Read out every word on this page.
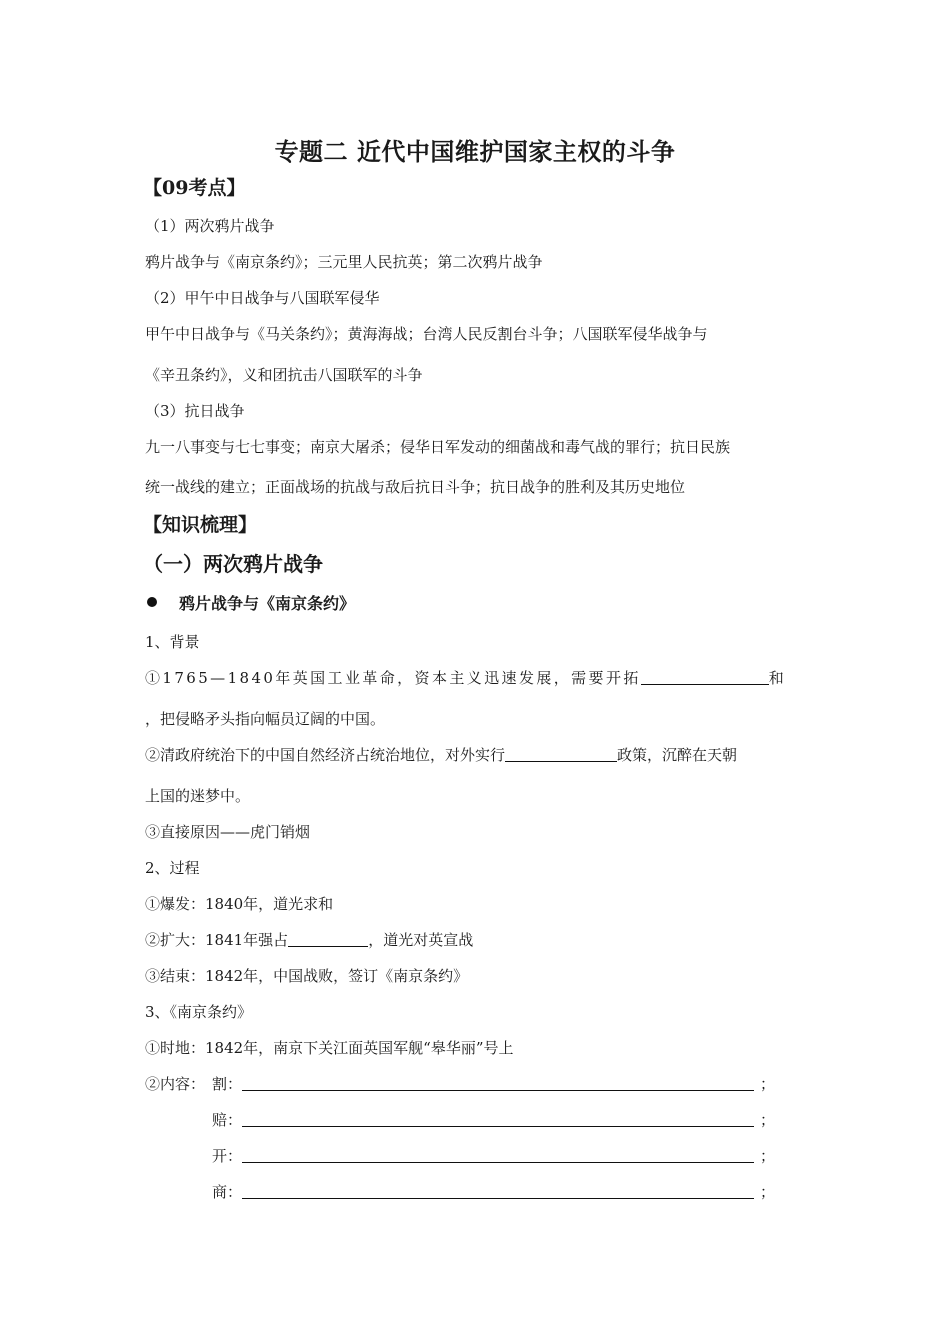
专题二 近代中国维护国家主权的斗争
【09考点】
（1）两次鸦片战争
鸦片战争与《南京条约》；三元里人民抗英；第二次鸦片战争
（2）甲午中日战争与八国联军侵华
甲午中日战争与《马关条约》；黄海海战；台湾人民反割台斗争；八国联军侵华战争与
《辛丑条约》，义和团抗击八国联军的斗争
（3）抗日战争
九一八事变与七七事变；南京大屠杀；侵华日军发动的细菌战和毒气战的罪行；抗日民族
统一战线的建立；正面战场的抗战与敌后抗日斗争；抗日战争的胜利及其历史地位
【知识梳理】
（一）两次鸦片战争
鸦片战争与《南京条约》
1、背景
①1765—1840年英国工业革命，资本主义迅速发展，需要开拓	和
，把侵略矛头指向幅员辽阔的中国。
②清政府统治下的中国自然经济占统治地位，对外实行	政策，沉醉在天朝
上国的迷梦中。
③直接原因——虎门销烟
2、过程
①爆发：1840年，道光求和
②扩大：1841年强占	，道光对英宣战
③结束：1842年，中国战败，签订《南京条约》
3、《南京条约》
①时地：1842年，南京下关江面英国军舰“皋华丽”号上
②内容： 割：	；
赔：	；
开：	；
商：	；
